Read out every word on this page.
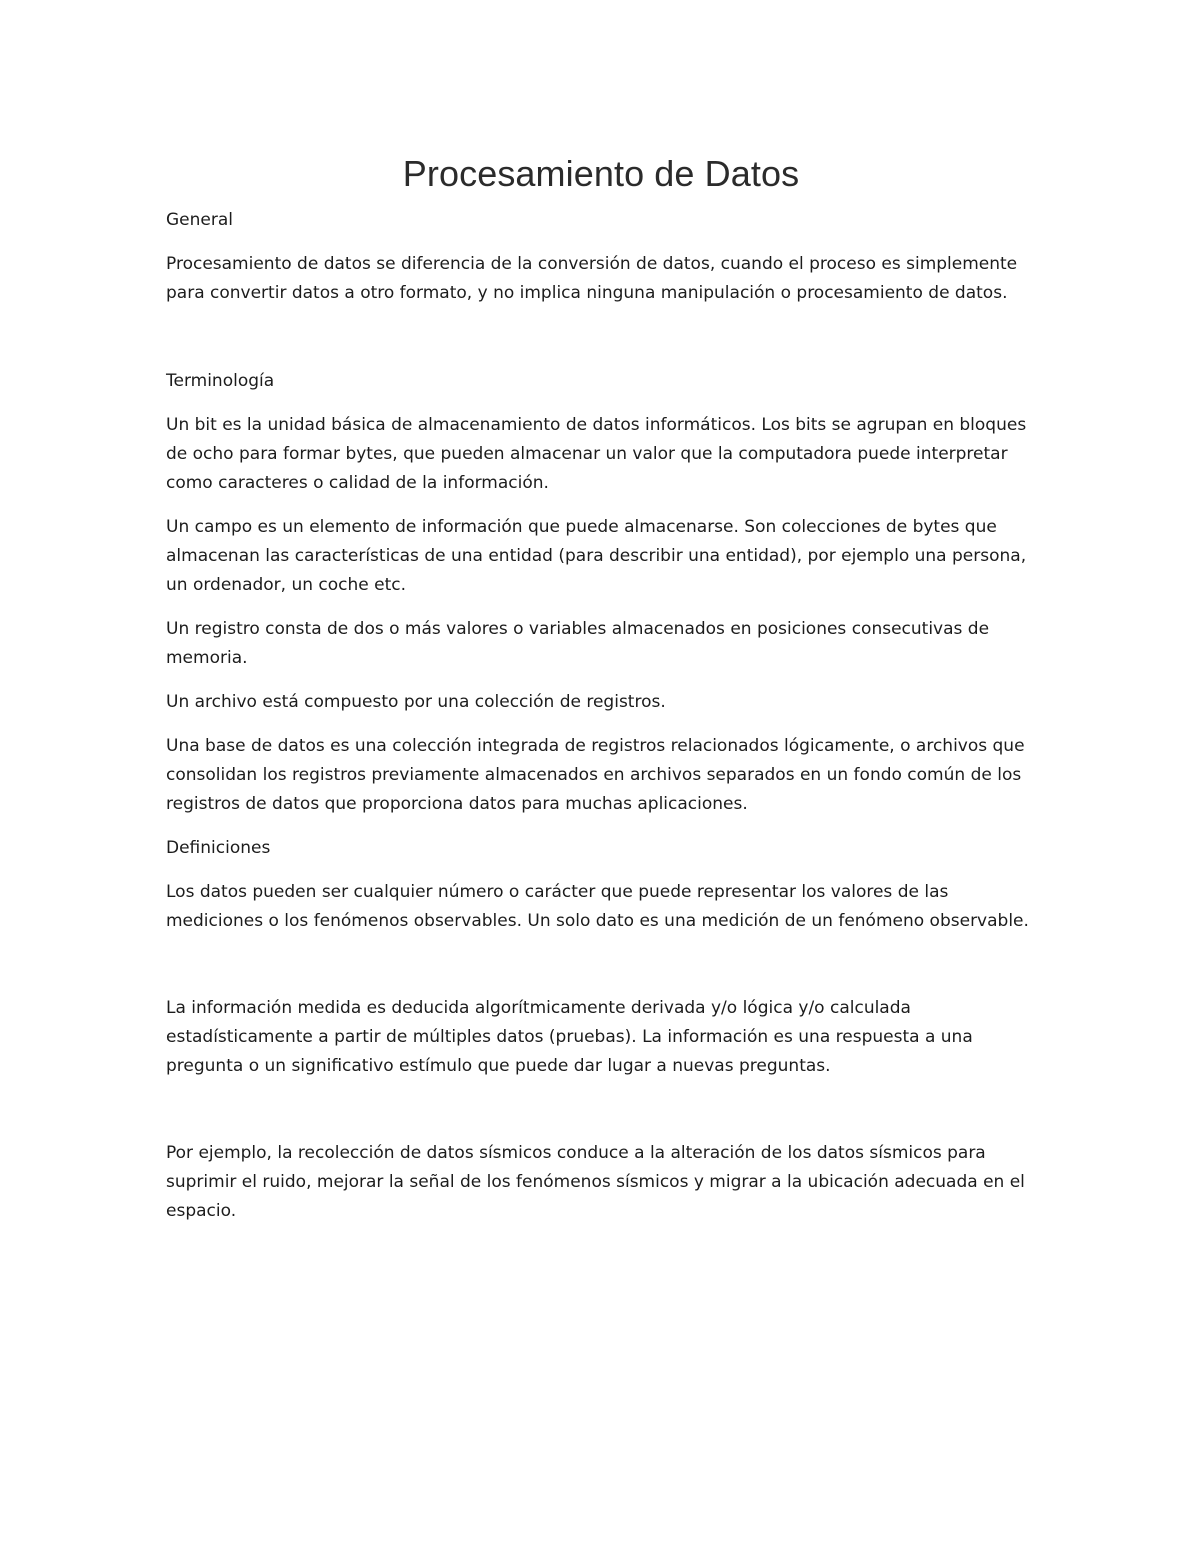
Procesamiento de Datos

General

Procesamiento de datos se diferencia de la conversión de datos, cuando el proceso es simplemente para convertir datos a otro formato, y no implica ninguna manipulación o procesamiento de datos.

Terminología

Un bit es la unidad básica de almacenamiento de datos informáticos. Los bits se agrupan en bloques de ocho para formar bytes, que pueden almacenar un valor que la computadora puede interpretar como caracteres o calidad de la información.

Un campo es un elemento de información que puede almacenarse. Son colecciones de bytes que almacenan las características de una entidad (para describir una entidad), por ejemplo una persona, un ordenador, un coche etc.

Un registro consta de dos o más valores o variables almacenados en posiciones consecutivas de memoria.

Un archivo está compuesto por una colección de registros.

Una base de datos es una colección integrada de registros relacionados lógicamente, o archivos que consolidan los registros previamente almacenados en archivos separados en un fondo común de los registros de datos que proporciona datos para muchas aplicaciones.

Definiciones

Los datos pueden ser cualquier número o carácter que puede representar los valores de las mediciones o los fenómenos observables. Un solo dato es una medición de un fenómeno observable.

La información medida es deducida algorítmicamente derivada y/o lógica y/o calculada estadísticamente a partir de múltiples datos (pruebas). La información es una respuesta a una pregunta o un significativo estímulo que puede dar lugar a nuevas preguntas.

Por ejemplo, la recolección de datos sísmicos conduce a la alteración de los datos sísmicos para suprimir el ruido, mejorar la señal de los fenómenos sísmicos y migrar a la ubicación adecuada en el espacio.
